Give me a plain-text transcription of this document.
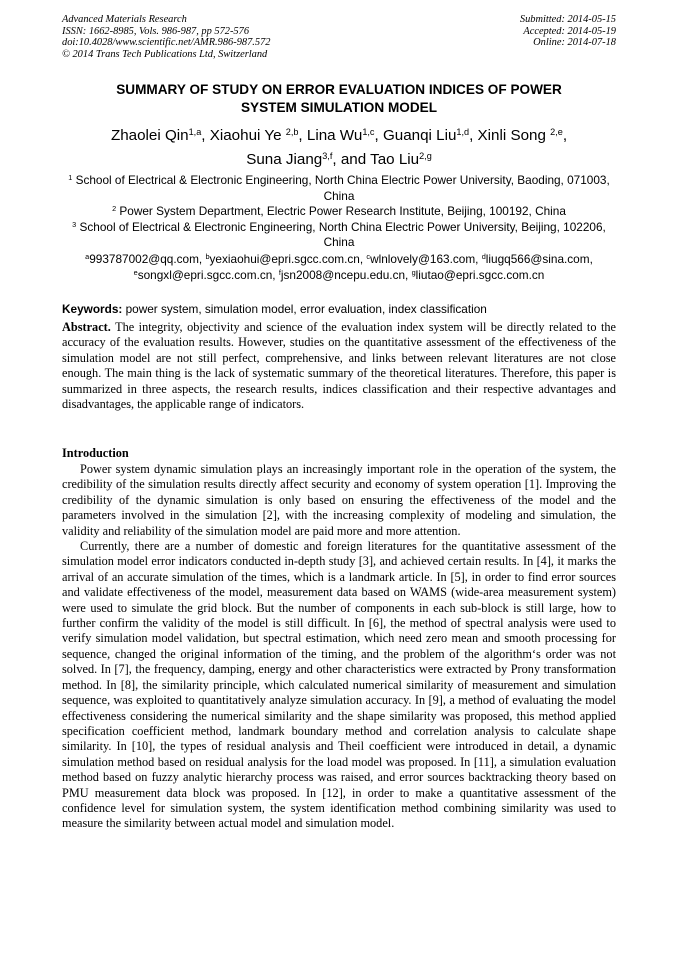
Advanced Materials Research
ISSN: 1662-8985, Vols. 986-987, pp 572-576
doi:10.4028/www.scientific.net/AMR.986-987.572
© 2014 Trans Tech Publications Ltd, Switzerland
Submitted: 2014-05-15
Accepted: 2014-05-19
Online: 2014-07-18
SUMMARY OF STUDY ON ERROR EVALUATION INDICES OF POWER
SYSTEM SIMULATION MODEL
Zhaolei Qin$^{1,a}$, Xiaohui Ye $^{2,b}$, Lina Wu$^{1,c}$, Guanqi Liu$^{1,d}$, Xinli Song $^{2,e}$,
Suna Jiang$^{3,f}$, and Tao Liu$^{2,g}$
$^1$ School of Electrical & Electronic Engineering, North China Electric Power University, Baoding, 071003, China
$^2$ Power System Department, Electric Power Research Institute, Beijing, 100192, China
$^3$ School of Electrical & Electronic Engineering, North China Electric Power University, Beijing, 102206, China
$^a$993787002@qq.com, $^b$yexiaohui@epri.sgcc.com.cn, $^c$wlnlovely@163.com, $^d$liugq566@sina.com,
$^e$songxl@epri.sgcc.com.cn, $^f$jsn2008@ncepu.edu.cn, $^g$liutao@epri.sgcc.com.cn
Keywords: power system, simulation model, error evaluation, index classification
Abstract. The integrity, objectivity and science of the evaluation index system will be directly related to the accuracy of the evaluation results. However, studies on the quantitative assessment of the effectiveness of the simulation model are not still perfect, comprehensive, and links between relevant literatures are not close enough. The main thing is the lack of systematic summary of the theoretical literatures. Therefore, this paper is summarized in three aspects, the research results, indices classification and their respective advantages and disadvantages, the applicable range of indicators.
Introduction

Power system dynamic simulation plays an increasingly important role in the operation of the system, the credibility of the simulation results directly affect security and economy of system operation [1]. Improving the credibility of the dynamic simulation is only based on ensuring the effectiveness of the model and the parameters involved in the simulation [2], with the increasing complexity of modeling and simulation, the validity and reliability of the simulation model are paid more and more attention.

Currently, there are a number of domestic and foreign literatures for the quantitative assessment of the simulation model error indicators conducted in-depth study [3], and achieved certain results. In [4], it marks the arrival of an accurate simulation of the times, which is a landmark article. In [5], in order to find error sources and validate effectiveness of the model, measurement data based on WAMS (wide-area measurement system) were used to simulate the grid block. But the number of components in each sub-block is still large, how to further confirm the validity of the model is still difficult. In [6], the method of spectral analysis were used to verify simulation model validation, but spectral estimation, which need zero mean and smooth processing for sequence, changed the original information of the timing, and the problem of the algorithm‘s order was not solved. In [7], the frequency, damping, energy and other characteristics were extracted by Prony transformation method. In [8], the similarity principle, which calculated numerical similarity of measurement and simulation sequence, was exploited to quantitatively analyze simulation accuracy. In [9], a method of evaluating the model effectiveness considering the numerical similarity and the shape similarity was proposed, this method applied specification coefficient method, landmark boundary method and correlation analysis to calculate shape similarity. In [10], the types of residual analysis and Theil coefficient were introduced in detail, a dynamic simulation method based on residual analysis for the load model was proposed. In [11], a simulation evaluation method based on fuzzy analytic hierarchy process was raised, and error sources backtracking theory based on PMU measurement data block was proposed. In [12], in order to make a quantitative assessment of the confidence level for simulation system, the system identification method combining similarity was used to measure the similarity between actual model and simulation model.
